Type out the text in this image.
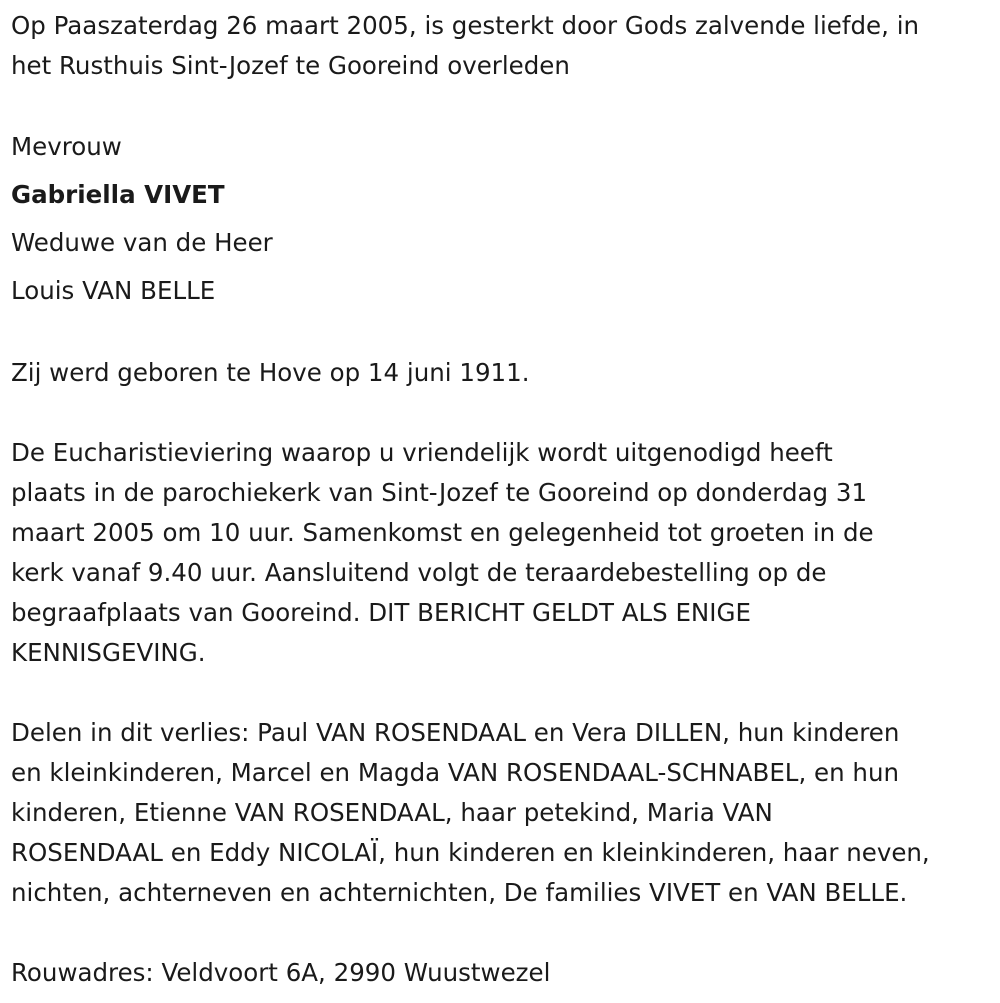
Op Paaszaterdag 26 maart 2005, is gesterkt door Gods zalvende liefde, in
het Rusthuis Sint-Jozef te Gooreind overleden

Mevrouw

Gabriella VIVET

Weduwe van de Heer

Louis VAN BELLE

Zij werd geboren te Hove op 14 juni 1911.

De Eucharistieviering waarop u vriendelijk wordt uitgenodigd heeft
plaats in de parochiekerk van Sint-Jozef te Gooreind op donderdag 31
maart 2005 om 10 uur. Samenkomst en gelegenheid tot groeten in de
kerk vanaf 9.40 uur. Aansluitend volgt de teraardebestelling op de
begraafplaats van Gooreind. DIT BERICHT GELDT ALS ENIGE
KENNISGEVING.

Delen in dit verlies: Paul VAN ROSENDAAL en Vera DILLEN, hun kinderen
en kleinkinderen, Marcel en Magda VAN ROSENDAAL-SCHNABEL, en hun
kinderen, Etienne VAN ROSENDAAL, haar petekind, Maria VAN
ROSENDAAL en Eddy NICOLAÏ, hun kinderen en kleinkinderen, haar neven,
nichten, achterneven en achternichten, De families VIVET en VAN BELLE.

Rouwadres: Veldvoort 6A, 2990 Wuustwezel
